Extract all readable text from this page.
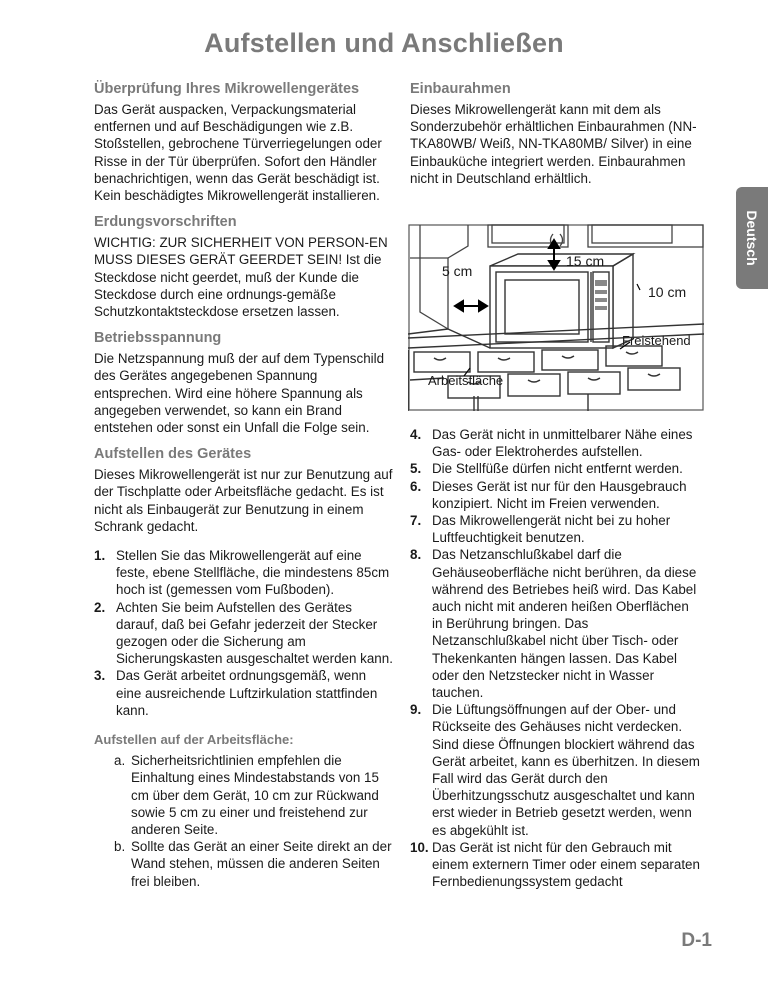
Aufstellen und Anschließen
Deutsch
Überprüfung Ihres Mikrowellengerätes

Das Gerät auspacken, Verpackungsmaterial entfernen und auf Beschädigungen wie z.B. Stoßstellen, gebrochene Türverriegelungen oder Risse in der Tür überprüfen. Sofort den Händler benachrichtigen, wenn das Gerät beschädigt ist. Kein beschädigtes Mikrowellengerät installieren.

Erdungsvorschriften

WICHTIG: ZUR SICHERHEIT VON PERSON-EN MUSS DIESES GERÄT GEERDET SEIN! Ist die Steckdose nicht geerdet, muß der Kunde die Steckdose durch eine ordnungs-gemäße Schutzkontaktsteckdose ersetzen lassen.

Betriebsspannung

Die Netzspannung muß der auf dem Typenschild des Gerätes angegebenen Spannung entsprechen. Wird eine höhere Spannung als angegeben verwendet, so kann ein Brand entstehen oder sonst ein Unfall die Folge sein.

Aufstellen des Gerätes

Dieses Mikrowellengerät ist nur zur Benutzung auf der Tischplatte oder Arbeitsfläche gedacht. Es ist nicht als Einbaugerät zur Benutzung in einem Schrank gedacht.

1. Stellen Sie das Mikrowellengerät auf eine feste, ebene Stellfläche, die mindestens 85cm hoch ist (gemessen vom Fußboden).
2. Achten Sie beim Aufstellen des Gerätes darauf, daß bei Gefahr jederzeit der Stecker gezogen oder die Sicherung am Sicherungskasten ausgeschaltet werden kann.
3. Das Gerät arbeitet ordnungsgemäß, wenn eine ausreichende Luftzirkulation stattfinden kann.
Aufstellen auf der Arbeitsfläche:
a. Sicherheitsrichtlinien empfehlen die Einhaltung eines Mindestabstands von 15 cm über dem Gerät, 10 cm zur Rückwand sowie 5 cm zu einer und freistehend zur anderen Seite.
b. Sollte das Gerät an einer Seite direkt an der Wand stehen, müssen die anderen Seiten frei bleiben.
Einbaurahmen

Dieses Mikrowellengerät kann mit dem als Sonderzubehör erhältlichen Einbaurahmen (NN-TKA80WB/ Weiß, NN-TKA80MB/ Silver) in eine Einbauküche integriert werden. Einbaurahmen nicht in Deutschland erhältlich.

15 cm
5 cm
10 cm
Freistehend
Arbeitsfläche
4. Das Gerät nicht in unmittelbarer Nähe eines Gas- oder Elektroherdes aufstellen.
5. Die Stellfüße dürfen nicht entfernt werden.
6. Dieses Gerät ist nur für den Hausgebrauch konzipiert. Nicht im Freien verwenden.
7. Das Mikrowellengerät nicht bei zu hoher Luftfeuchtigkeit benutzen.
8. Das Netzanschlußkabel darf die Gehäuseoberfläche nicht berühren, da diese während des Betriebes heiß wird. Das Kabel auch nicht mit anderen heißen Oberflächen in Berührung bringen. Das Netzanschlußkabel nicht über Tisch- oder Thekenkanten hängen lassen. Das Kabel oder den Netzstecker nicht in Wasser tauchen.
9. Die Lüftungsöffnungen auf der Ober- und Rückseite des Gehäuses nicht verdecken. Sind diese Öffnungen blockiert während das Gerät arbeitet, kann es überhitzen. In diesem Fall wird das Gerät durch den Überhitzungsschutz ausgeschaltet und kann erst wieder in Betrieb gesetzt werden, wenn es abgekühlt ist.
10. Das Gerät ist nicht für den Gebrauch mit einem externern Timer oder einem separaten Fernbedienungssystem gedacht
D-1
